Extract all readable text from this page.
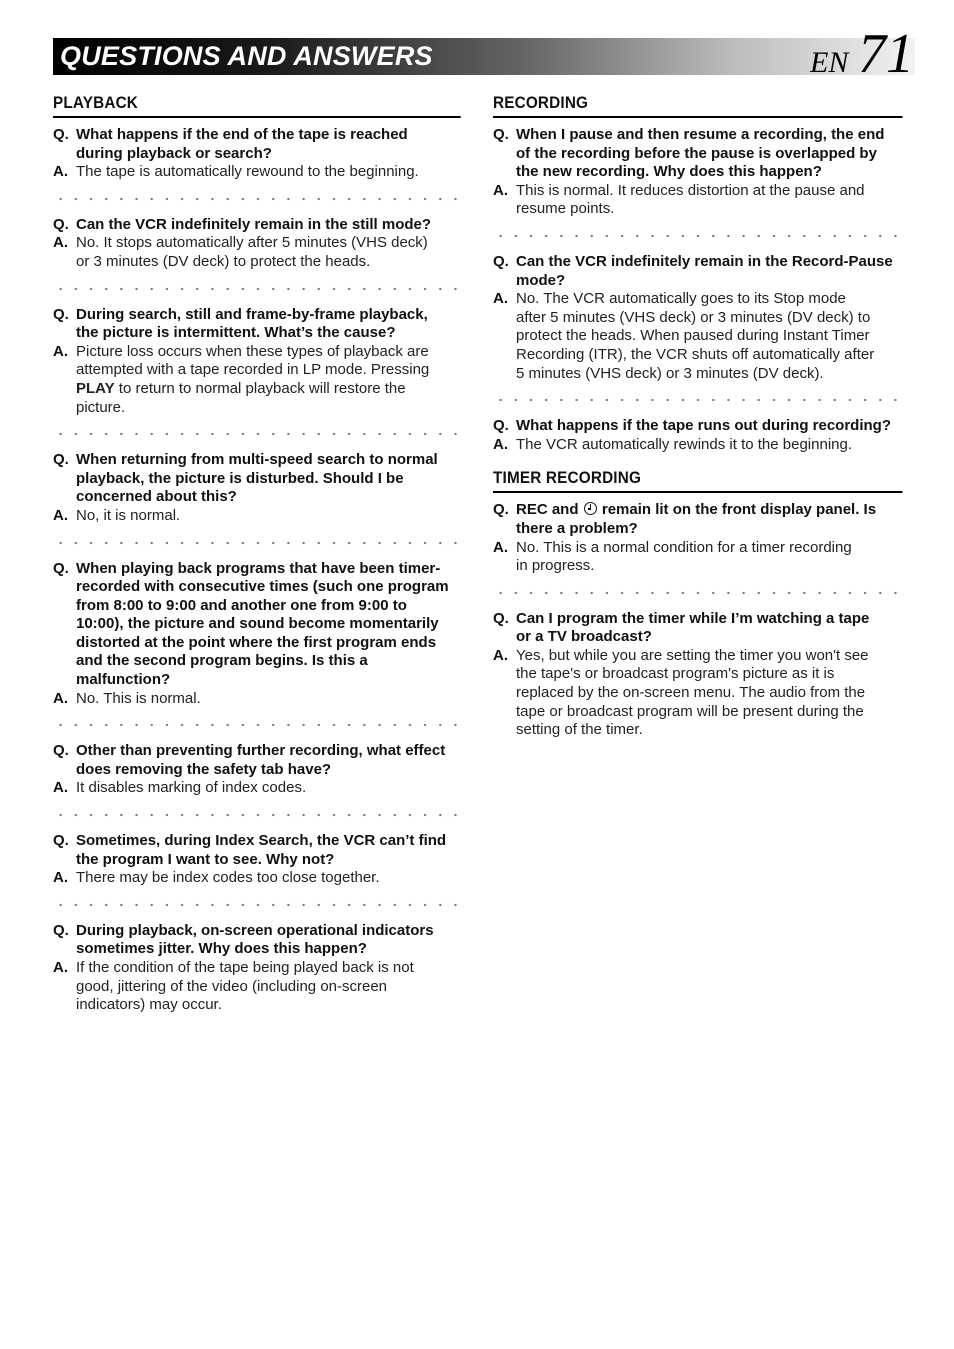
QUESTIONS AND ANSWERS	EN 71
PLAYBACK
Q. What happens if the end of the tape is reached
during playback or search?
A. The tape is automatically rewound to the beginning.
Q. Can the VCR indefinitely remain in the still mode?
A. No. It stops automatically after 5 minutes (VHS deck)
or 3 minutes (DV deck) to protect the heads.
Q. During search, still and frame-by-frame playback,
the picture is intermittent. What’s the cause?
A. Picture loss occurs when these types of playback are
attempted with a tape recorded in LP mode. Pressing
PLAY to return to normal playback will restore the
picture.
Q. When returning from multi-speed search to normal
playback, the picture is disturbed. Should I be
concerned about this?
A. No, it is normal.
Q. When playing back programs that have been timer-
recorded with consecutive times (such one program
from 8:00 to 9:00 and another one from 9:00 to
10:00), the picture and sound become momentarily
distorted at the point where the first program ends
and the second program begins. Is this a
malfunction?
A. No. This is normal.
Q. Other than preventing further recording, what effect
does removing the safety tab have?
A. It disables marking of index codes.
Q. Sometimes, during Index Search, the VCR can’t find
the program I want to see. Why not?
A. There may be index codes too close together.
Q. During playback, on-screen operational indicators
sometimes jitter. Why does this happen?
A. If the condition of the tape being played back is not
good, jittering of the video (including on-screen
indicators) may occur.
RECORDING
Q. When I pause and then resume a recording, the end
of the recording before the pause is overlapped by
the new recording. Why does this happen?
A. This is normal. It reduces distortion at the pause and
resume points.
Q. Can the VCR indefinitely remain in the Record-Pause
mode?
A. No. The VCR automatically goes to its Stop mode
after 5 minutes (VHS deck) or 3 minutes (DV deck) to
protect the heads. When paused during Instant Timer
Recording (ITR), the VCR shuts off automatically after
5 minutes (VHS deck) or 3 minutes (DV deck).
Q. What happens if the tape runs out during recording?
A. The VCR automatically rewinds it to the beginning.
TIMER RECORDING
Q. REC and  remain lit on the front display panel. Is
there a problem?
A. No. This is a normal condition for a timer recording
in progress.
Q. Can I program the timer while I’m watching a tape
or a TV broadcast?
A. Yes, but while you are setting the timer you won't see
the tape's or broadcast program's picture as it is
replaced by the on-screen menu. The audio from the
tape or broadcast program will be present during the
setting of the timer.
